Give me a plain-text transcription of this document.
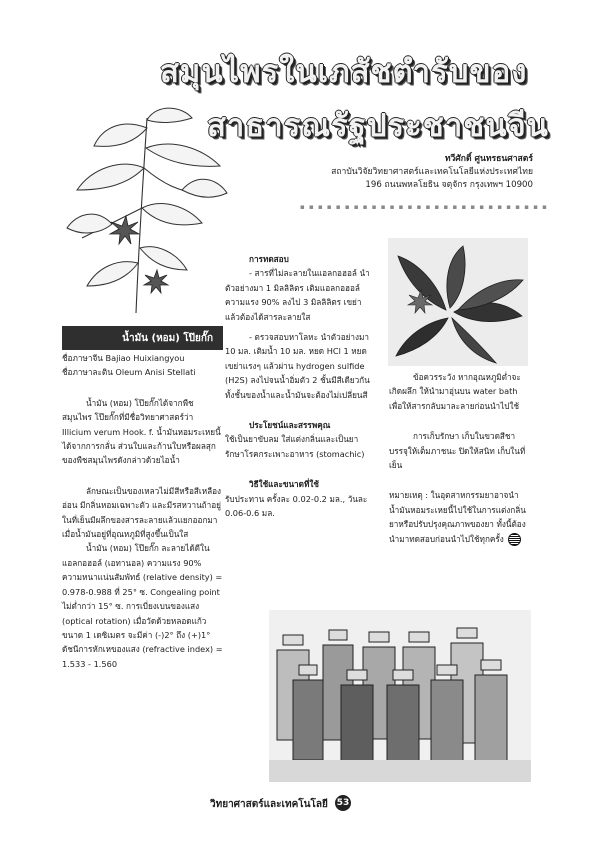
สมุนไพรในเภสัชตำรับของ
สาธารณรัฐประชาชนจีน
ทวีศักดิ์ ศูนทรธนศาสตร์
สถาบันวิจัยวิทยาศาสตร์และเทคโนโลยีแห่งประเทศไทย
196 ถนนพหลโยธิน จตุจักร กรุงเทพฯ 10900
▪ ▪ ▪ ▪ ▪ ▪ ▪ ▪ ▪ ▪ ▪ ▪ ▪ ▪ ▪ ▪ ▪ ▪ ▪ ▪ ▪ ▪ ▪ ▪ ▪ ▪ ▪ ▪
น้ำมัน (หอม) โป๊ยกั๊ก

ชื่อภาษาจีน Bajiao Huixiangyou

ชื่อภาษาละติน Oleum Anisi Stellati

น้ำมัน (หอม) โป๊ยกั๊กได้จากพืชสมุนไพร โป๊ยกั๊กที่มีชื่อวิทยาศาสตร์ว่า Illicium verum Hook. f. น้ำมันหอมระเหยนี้ได้จากการกลั่น ส่วนใบและก้านใบหรือผลสุกของพืชสมุนไพรดังกล่าวด้วยไอน้ำ

ลักษณะเป็นของเหลวไม่มีสีหรือสีเหลืองอ่อน มีกลิ่นหอมเฉพาะตัว และมีรสหวานถ้าอยู่ในที่เย็นมีผลึกของสารละลายแล้วแยกออกมาเมื่อน้ำมันอยู่ที่อุณหภูมิที่สูงขึ้นเป็นใส

น้ำมัน (หอม) โป๊ยกั๊ก ละลายได้ดีในแอลกอฮอล์ (เอทานอล) ความแรง 90% ความหนาแน่นสัมพัทธ์ (relative density) = 0.978-0.988 ที่ 25° ซ. Congealing point ไม่ต่ำกว่า 15° ซ. การเบี่ยงเบนของแสง (optical rotation) เมื่อวัดด้วยหลอดแก้วขนาด 1 เดซิเมตร จะมีค่า (-)2° ถึง (+)1° ดัชนีการหักเหของแสง (refractive index) = 1.533 - 1.560

การทดสอบ

- สารที่ไม่ละลายในแอลกอฮอล์ นำตัวอย่างมา 1 มิลลิลิตร เติมแอลกอฮอล์ ความแรง 90% ลงไป 3 มิลลิลิตร เขย่าแล้วต้องได้สารละลายใส

- ตรวจสอบหาโลหะ นำตัวอย่างมา 10 มล. เติมน้ำ 10 มล. หยด HCl 1 หยด เขย่าแรงๆ แล้วผ่าน hydrogen sulfide (H2S) ลงไปจนน้ำอิ่มตัว 2 ชั้นมีสีเดียวกันทั้งชั้นของน้ำและน้ำมันจะต้องไม่เปลี่ยนสี

ประโยชน์และสรรพคุณ

ใช้เป็นยาขับลม ใส่แต่งกลิ่นและเป็นยารักษาโรคกระเพาะอาหาร (stomachic)

วิธีใช้และขนาดที่ใช้

รับประทาน ครั้งละ 0.02-0.2 มล., วันละ 0.06-0.6 มล.

ข้อควรระวัง หากอุณหภูมิต่ำจะเกิดผลึก ให้นำมาอุ่นบน water bath เพื่อให้สารกลับมาละลายก่อนนำไปใช้

การเก็บรักษา เก็บในขวดสีชา บรรจุให้เต็มภาชนะ ปิดให้สนิท เก็บในที่เย็น

หมายเหตุ : ในอุตสาหกรรมยาอาจนำน้ำมันหอมระเหยนี้ไปใช้ในการแต่งกลิ่นยาหรือปรับปรุงคุณภาพของยา ทั้งนี้ต้องนำมาทดสอบก่อนนำไปใช้ทุกครั้ง

วิทยาศาสตร์และเทคโนโลยี 53
